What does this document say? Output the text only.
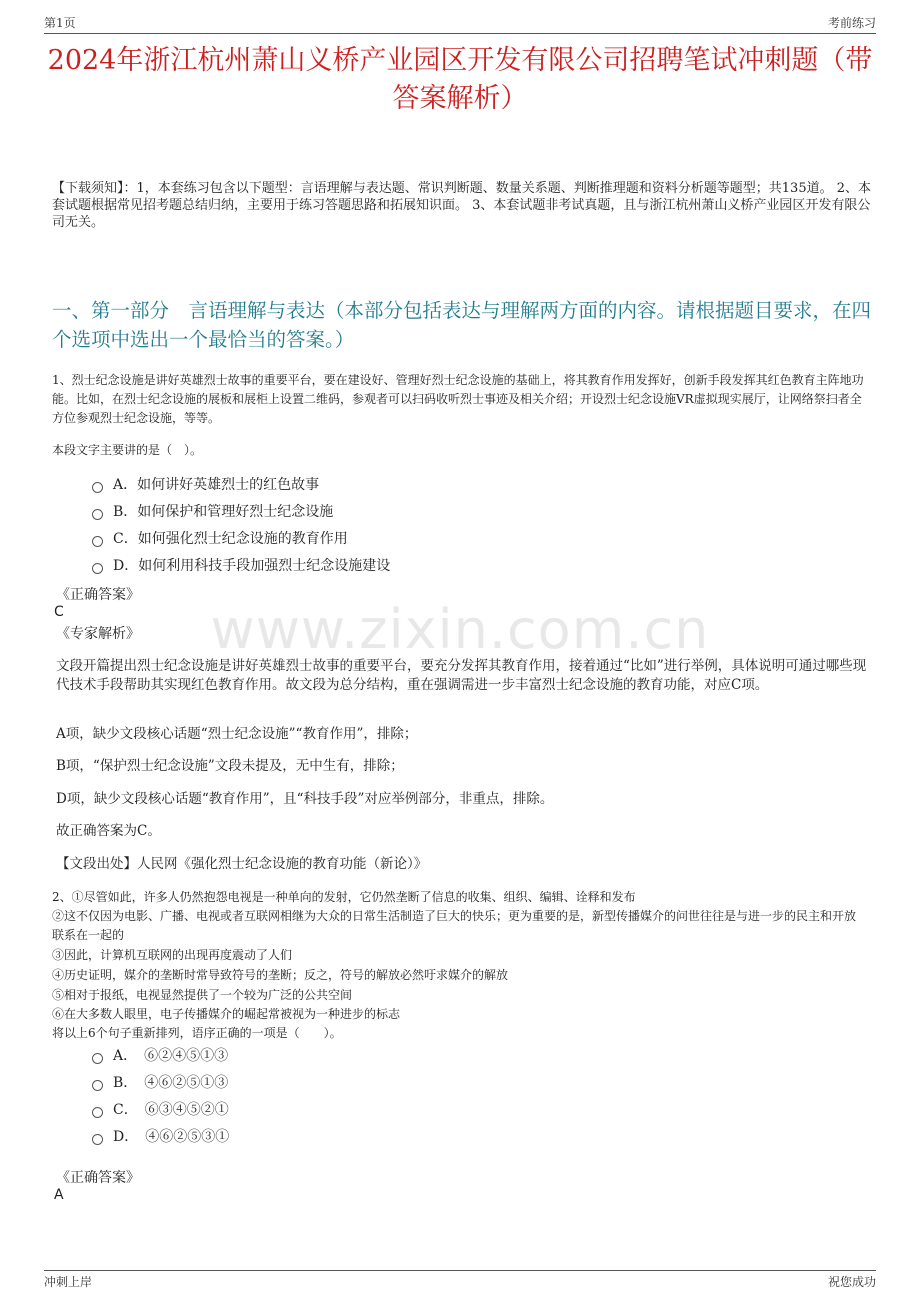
第1页	考前练习
2024年浙江杭州萧山义桥产业园区开发有限公司招聘笔试冲刺题（带答案解析）
【下载须知】：1，本套练习包含以下题型：言语理解与表达题、常识判断题、数量关系题、判断推理题和资料分析题等题型；共135道。 2、本套试题根据常见招考题总结归纳，主要用于练习答题思路和拓展知识面。 3、本套试题非考试真题，且与浙江杭州萧山义桥产业园区开发有限公司无关。
一、第一部分　言语理解与表达（本部分包括表达与理解两方面的内容。请根据题目要求，在四个选项中选出一个最恰当的答案。）
1、烈士纪念设施是讲好英雄烈士故事的重要平台，要在建设好、管理好烈士纪念设施的基础上，将其教育作用发挥好，创新手段发挥其红色教育主阵地功能。比如，在烈士纪念设施的展板和展柜上设置二维码，参观者可以扫码收听烈士事迹及相关介绍；开设烈士纪念设施VR虚拟现实展厅，让网络祭扫者全方位参观烈士纪念设施，等等。
本段文字主要讲的是（　）。
A．如何讲好英雄烈士的红色故事
B．如何保护和管理好烈士纪念设施
C．如何强化烈士纪念设施的教育作用
D．如何利用科技手段加强烈士纪念设施建设
www.zixin.com.cn
《正确答案》
C
《专家解析》
文段开篇提出烈士纪念设施是讲好英雄烈士故事的重要平台，要充分发挥其教育作用，接着通过“比如”进行举例，具体说明可通过哪些现代技术手段帮助其实现红色教育作用。故文段为总分结构，重在强调需进一步丰富烈士纪念设施的教育功能，对应C项。
A项，缺少文段核心话题“烈士纪念设施”“教育作用”，排除；
B项，“保护烈士纪念设施”文段未提及，无中生有，排除；
D项，缺少文段核心话题“教育作用”，且“科技手段”对应举例部分，非重点，排除。
故正确答案为C。
【文段出处】人民网《强化烈士纪念设施的教育功能（新论）》
2、①尽管如此，许多人仍然抱怨电视是一种单向的发射，它仍然垄断了信息的收集、组织、编辑、诠释和发布
②这不仅因为电影、广播、电视或者互联网相继为大众的日常生活制造了巨大的快乐；更为重要的是，新型传播媒介的问世往往是与进一步的民主和开放联系在一起的
③因此，计算机互联网的出现再度震动了人们
④历史证明，媒介的垄断时常导致符号的垄断；反之，符号的解放必然吁求媒介的解放
⑤相对于报纸，电视显然提供了一个较为广泛的公共空间
⑥在大多数人眼里，电子传播媒介的崛起常被视为一种进步的标志
将以上6个句子重新排列，语序正确的一项是（　　）。
A．　⑥②④⑤①③
B．　④⑥②⑤①③
C．　⑥③④⑤②①
D．　④⑥②⑤③①
《正确答案》
A
冲刺上岸	祝您成功
